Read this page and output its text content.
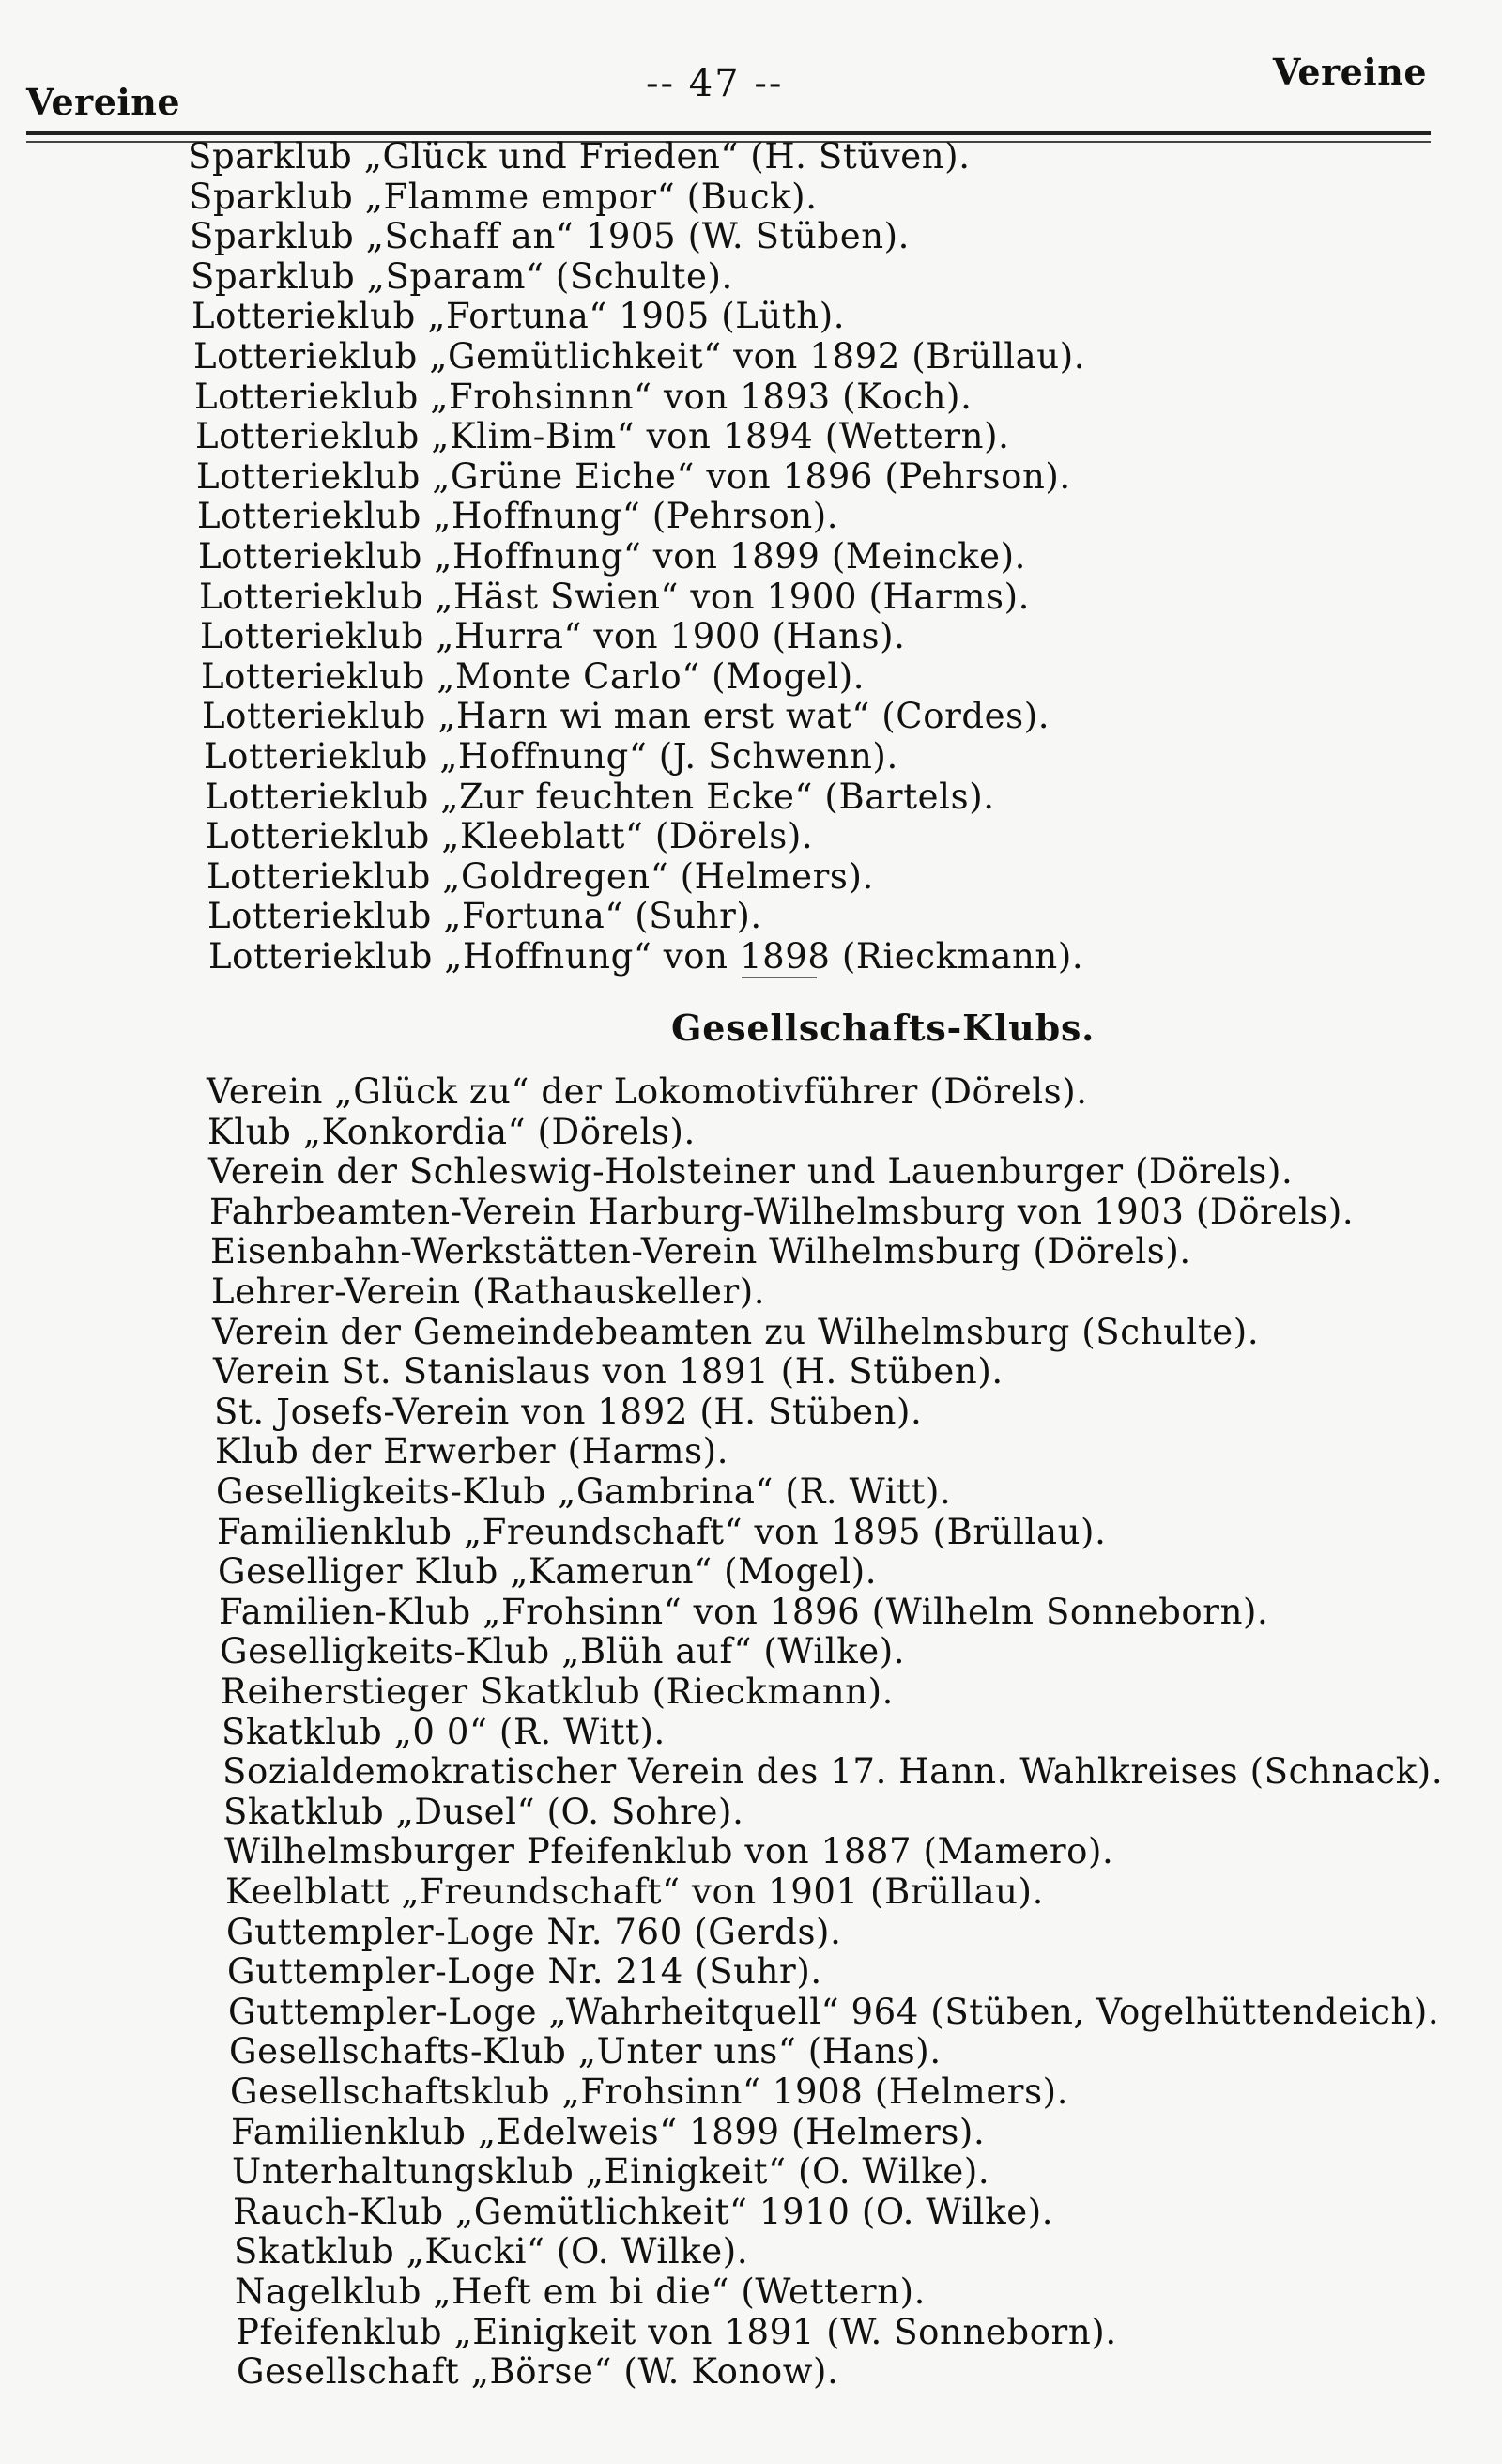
Vereine	-- 47 --	Vereine
Sparklub „Glück und Frieden“ (H. Stüven).
Sparklub „Flamme empor“ (Buck).
Sparklub „Schaff an“ 1905 (W. Stüben).
Sparklub „Sparam“ (Schulte).
Lotterieklub „Fortuna“ 1905 (Lüth).
Lotterieklub „Gemütlichkeit“ von 1892 (Brüllau).
Lotterieklub „Frohsinnn“ von 1893 (Koch).
Lotterieklub „Klim-Bim“ von 1894 (Wettern).
Lotterieklub „Grüne Eiche“ von 1896 (Pehrson).
Lotterieklub „Hoffnung“ (Pehrson).
Lotterieklub „Hoffnung“ von 1899 (Meincke).
Lotterieklub „Häst Swien“ von 1900 (Harms).
Lotterieklub „Hurra“ von 1900 (Hans).
Lotterieklub „Monte Carlo“ (Mogel).
Lotterieklub „Harn wi man erst wat“ (Cordes).
Lotterieklub „Hoffnung“ (J. Schwenn).
Lotterieklub „Zur feuchten Ecke“ (Bartels).
Lotterieklub „Kleeblatt“ (Dörels).
Lotterieklub „Goldregen“ (Helmers).
Lotterieklub „Fortuna“ (Suhr).
Lotterieklub „Hoffnung“ von 1898 (Rieckmann).
Gesellschafts-Klubs.
Verein „Glück zu“ der Lokomotivführer (Dörels).
Klub „Konkordia“ (Dörels).
Verein der Schleswig-Holsteiner und Lauenburger (Dörels).
Fahrbeamten-Verein Harburg-Wilhelmsburg von 1903 (Dörels).
Eisenbahn-Werkstätten-Verein Wilhelmsburg (Dörels).
Lehrer-Verein (Rathauskeller).
Verein der Gemeindebeamten zu Wilhelmsburg (Schulte).
Verein St. Stanislaus von 1891 (H. Stüben).
St. Josefs-Verein von 1892 (H. Stüben).
Klub der Erwerber (Harms).
Geselligkeits-Klub „Gambrina“ (R. Witt).
Familienklub „Freundschaft“ von 1895 (Brüllau).
Geselliger Klub „Kamerun“ (Mogel).
Familien-Klub „Frohsinn“ von 1896 (Wilhelm Sonneborn).
Geselligkeits-Klub „Blüh auf“ (Wilke).
Reiherstieger Skatklub (Rieckmann).
Skatklub „0 0“ (R. Witt).
Sozialdemokratischer Verein des 17. Hann. Wahlkreises (Schnack).
Skatklub „Dusel“ (O. Sohre).
Wilhelmsburger Pfeifenklub von 1887 (Mamero).
Keelblatt „Freundschaft“ von 1901 (Brüllau).
Guttempler-Loge Nr. 760 (Gerds).
Guttempler-Loge Nr. 214 (Suhr).
Guttempler-Loge „Wahrheitquell“ 964 (Stüben, Vogelhüttendeich).
Gesellschafts-Klub „Unter uns“ (Hans).
Gesellschaftsklub „Frohsinn“ 1908 (Helmers).
Familienklub „Edelweis“ 1899 (Helmers).
Unterhaltungsklub „Einigkeit“ (O. Wilke).
Rauch-Klub „Gemütlichkeit“ 1910 (O. Wilke).
Skatklub „Kucki“ (O. Wilke).
Nagelklub „Heft em bi die“ (Wettern).
Pfeifenklub „Einigkeit von 1891 (W. Sonneborn).
Gesellschaft „Börse“ (W. Konow).
